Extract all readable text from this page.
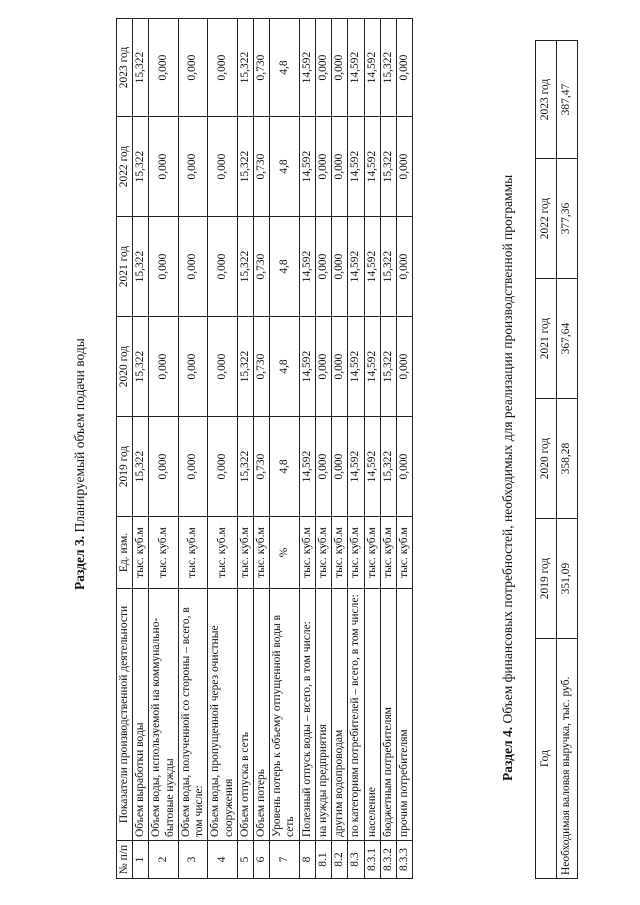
Раздел 3. Планируемый объем подачи воды
№ п/п	Показатели производственной деятельности	Ед. изм.	2019 год	2020 год	2021 год	2022 год	2023 год
1	Объем выработки воды	тыс. куб.м	15,322	15,322	15,322	15,322	15,322
2	Объем воды, используемой на коммунально-бытовые нужды	тыс. куб.м	0,000	0,000	0,000	0,000	0,000
3	Объем воды, полученной со стороны – всего, в том числе:	тыс. куб.м	0,000	0,000	0,000	0,000	0,000
4	Объем воды, пропущенной через очистные сооружения	тыс. куб.м	0,000	0,000	0,000	0,000	0,000
5	Объем отпуска в сеть	тыс. куб.м	15,322	15,322	15,322	15,322	15,322
6	Объем потерь	тыс. куб.м	0,730	0,730	0,730	0,730	0,730
7	Уровень потерь к объему отпущенной воды в сеть	%	4,8	4,8	4,8	4,8	4,8
8	Полезный отпуск воды – всего, в том числе:	тыс. куб.м	14,592	14,592	14,592	14,592	14,592
8.1	на нужды предприятия	тыс. куб.м	0,000	0,000	0,000	0,000	0,000
8.2	другим водопроводам	тыс. куб.м	0,000	0,000	0,000	0,000	0,000
8.3	по категориям потребителей – всего, в том числе:	тыс. куб.м	14,592	14,592	14,592	14,592	14,592
8.3.1	население	тыс. куб.м	14,592	14,592	14,592	14,592	14,592
8.3.2	бюджетным потребителям	тыс. куб.м	15,322	15,322	15,322	15,322	15,322
8.3.3	прочим потребителям	тыс. куб.м	0,000	0,000	0,000	0,000	0,000
Раздел 4. Объем финансовых потребностей, необходимых для реализации производственной программы
Год	2019 год	2020 год	2021 год	2022 год	2023 год
Необходимая валовая выручка, тыс. руб.	351,09	358,28	367,64	377,36	387,47
